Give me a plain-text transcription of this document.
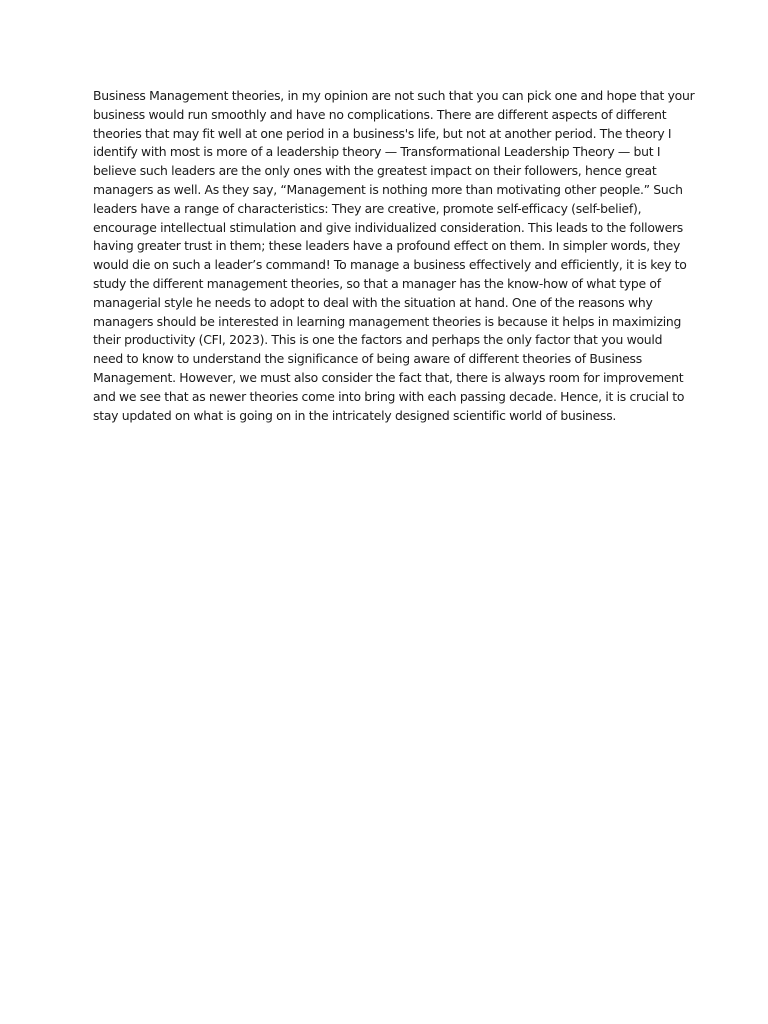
Business Management theories, in my opinion are not such that you can pick one and hope that your
business would run smoothly and have no complications. There are different aspects of different
theories that may fit well at one period in a business's life, but not at another period. The theory I
identify with most is more of a leadership theory — Transformational Leadership Theory — but I
believe such leaders are the only ones with the greatest impact on their followers, hence great
managers as well. As they say, “Management is nothing more than motivating other people.” Such
leaders have a range of characteristics: They are creative, promote self-efficacy (self-belief),
encourage intellectual stimulation and give individualized consideration. This leads to the followers
having greater trust in them; these leaders have a profound effect on them. In simpler words, they
would die on such a leader’s command! To manage a business effectively and efficiently, it is key to
study the different management theories, so that a manager has the know-how of what type of
managerial style he needs to adopt to deal with the situation at hand. One of the reasons why
managers should be interested in learning management theories is because it helps in maximizing
their productivity (CFI, 2023). This is one the factors and perhaps the only factor that you would
need to know to understand the significance of being aware of different theories of Business
Management. However, we must also consider the fact that, there is always room for improvement
and we see that as newer theories come into bring with each passing decade. Hence, it is crucial to
stay updated on what is going on in the intricately designed scientific world of business.
